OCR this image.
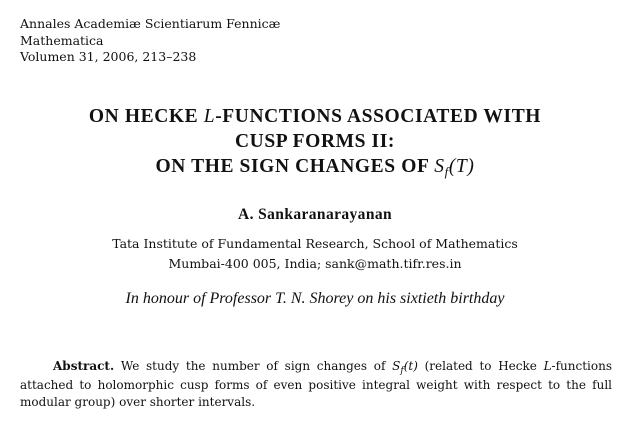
Annales Academiæ Scientiarum Fennicæ
Mathematica
Volumen 31, 2006, 213–238
ON HECKE L-FUNCTIONS ASSOCIATED WITH
CUSP FORMS II:
ON THE SIGN CHANGES OF $S_f(T)$
A. Sankaranarayanan
Tata Institute of Fundamental Research, School of Mathematics
Mumbai-400 005, India; sank@math.tifr.res.in
In honour of Professor T. N. Shorey on his sixtieth birthday
Abstract. We study the number of sign changes of $S_f(t)$ (related to Hecke L-functions attached to holomorphic cusp forms of even positive integral weight with respect to the full modular group) over shorter intervals.
